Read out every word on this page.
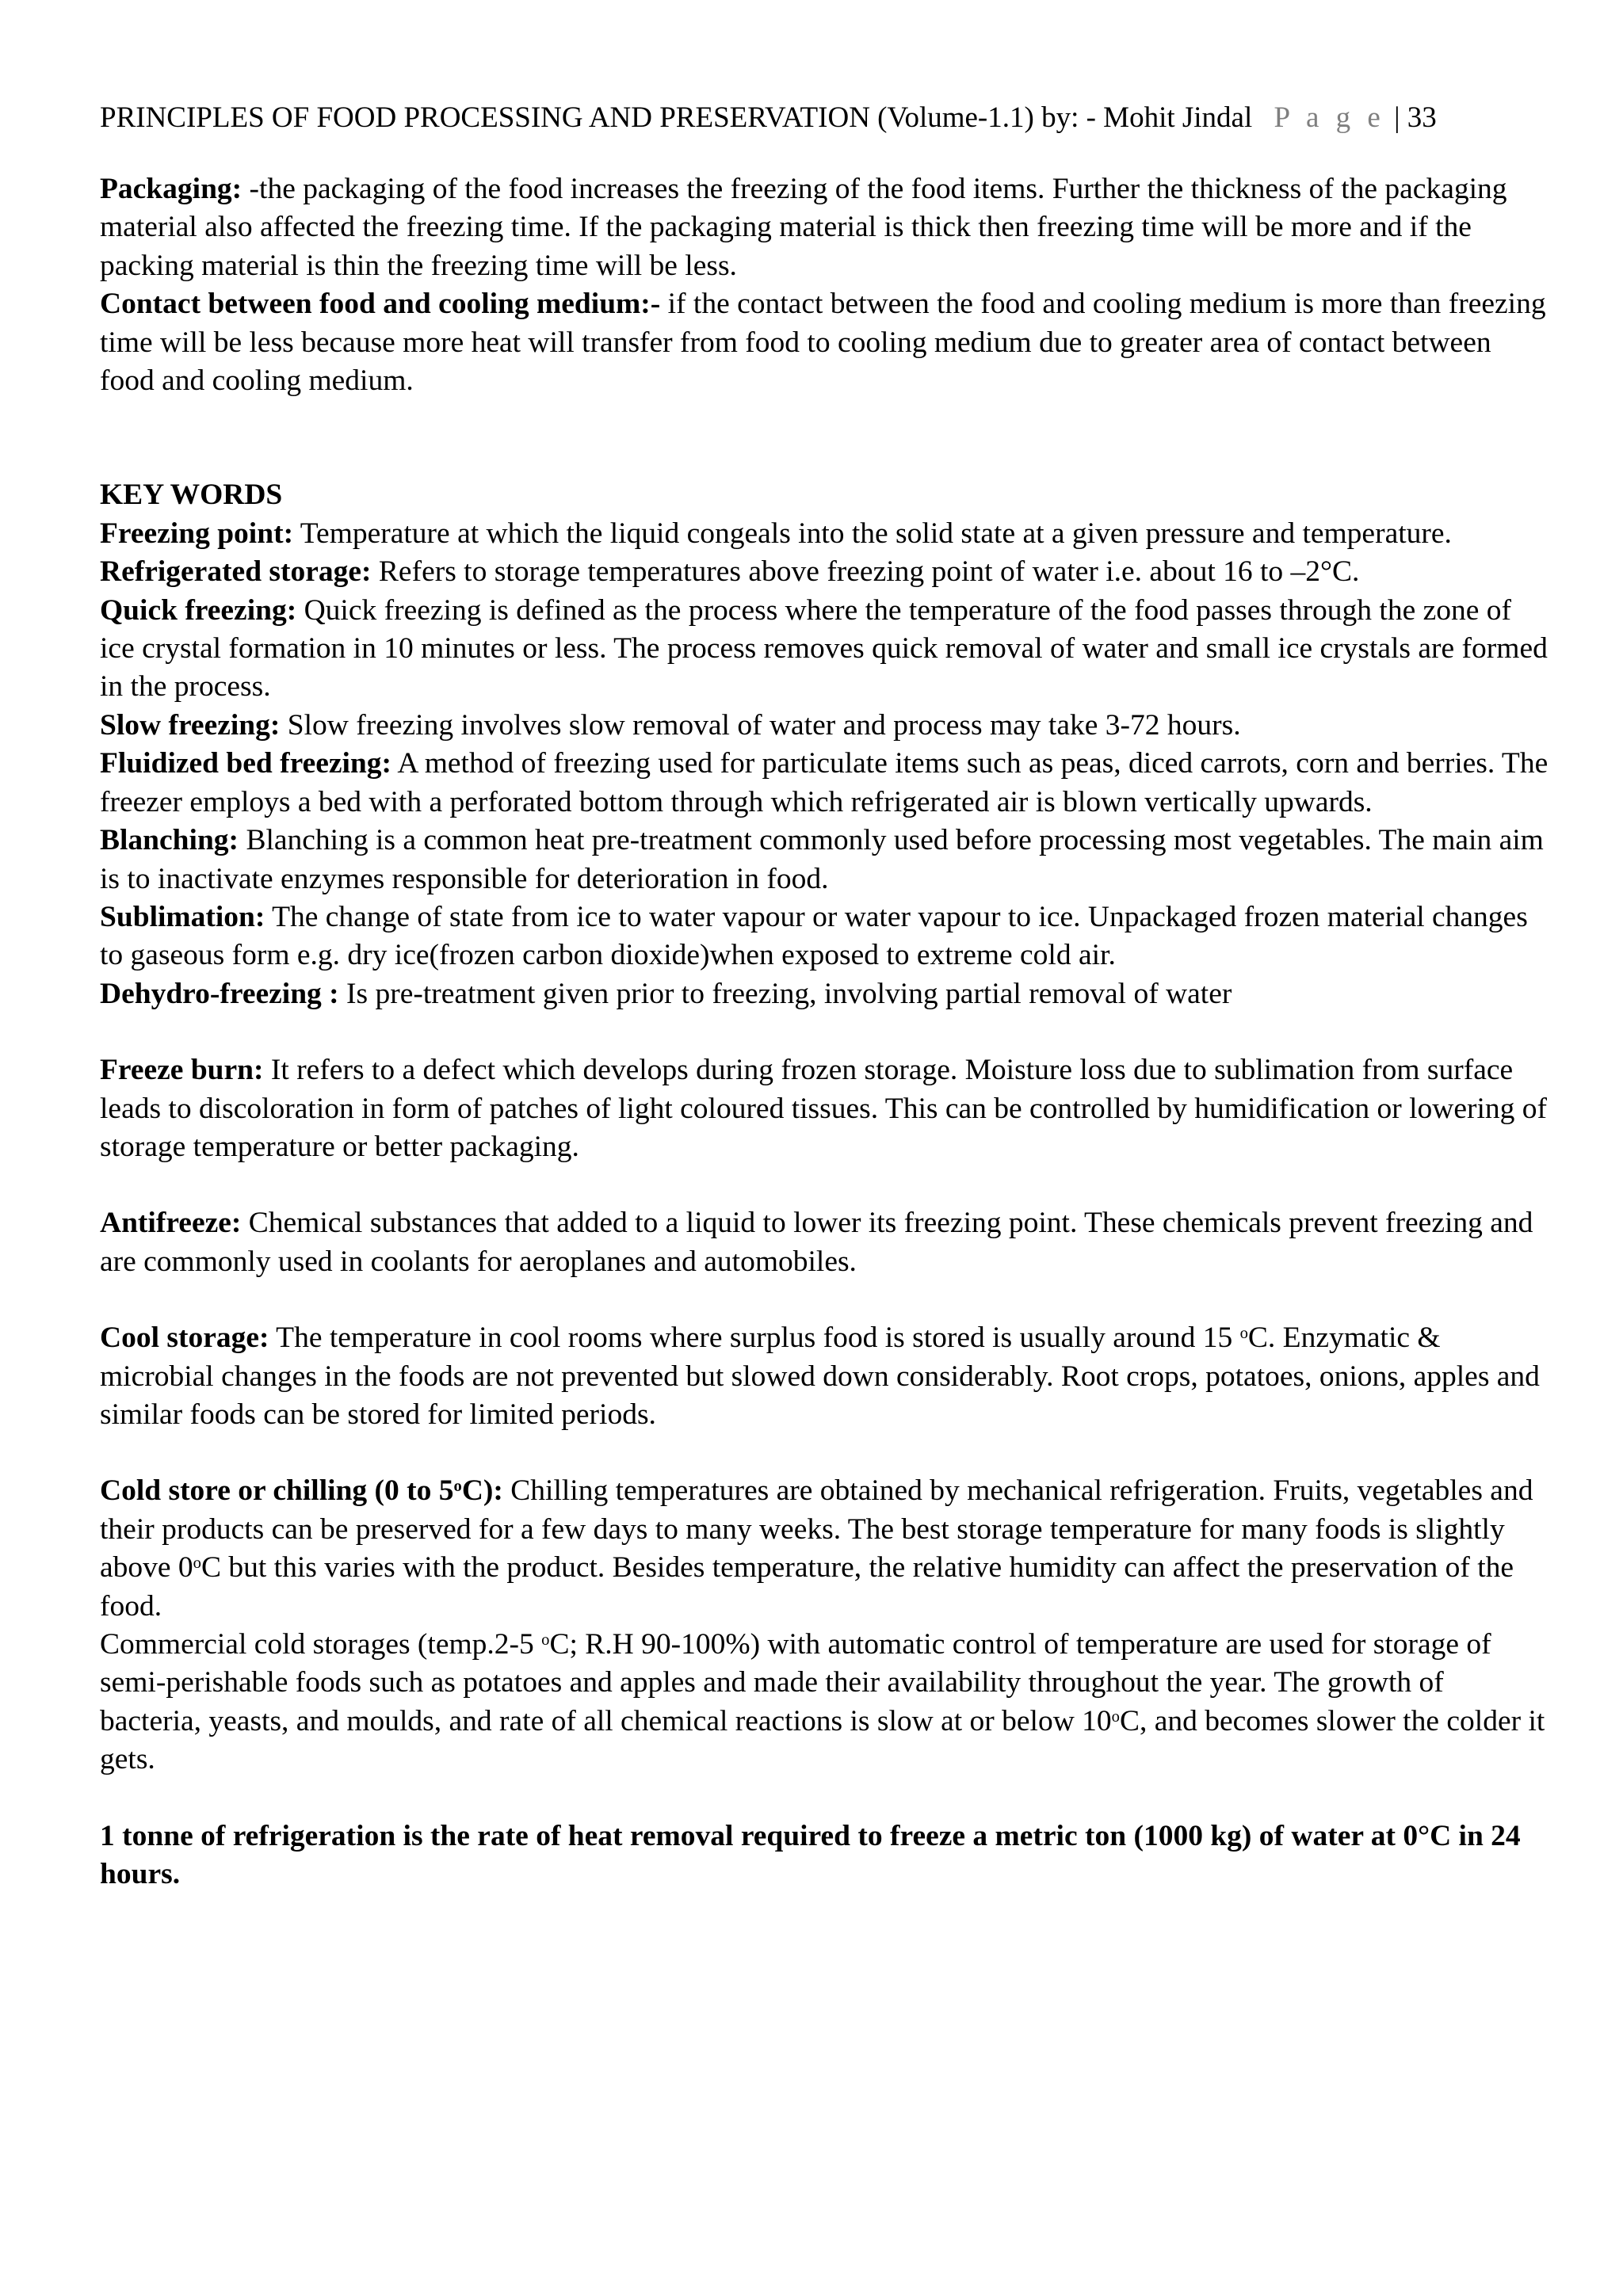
PRINCIPLES OF FOOD PROCESSING AND PRESERVATION (Volume-1.1) by: - Mohit Jindal P a g e | 33

Packaging: -the packaging of the food increases the freezing of the food items. Further the thickness of the packaging material also affected the freezing time. If the packaging material is thick then freezing time will be more and if the packing material is thin the freezing time will be less.

Contact between food and cooling medium:- if the contact between the food and cooling medium is more than freezing time will be less because more heat will transfer from food to cooling medium due to greater area of contact between food and cooling medium.

KEY WORDS

Freezing point: Temperature at which the liquid congeals into the solid state at a given pressure and temperature.

Refrigerated storage: Refers to storage temperatures above freezing point of water i.e. about 16 to –2°C.

Quick freezing: Quick freezing is defined as the process where the temperature of the food passes through the zone of ice crystal formation in 10 minutes or less. The process removes quick removal of water and small ice crystals are formed in the process.

Slow freezing: Slow freezing involves slow removal of water and process may take 3-72 hours.

Fluidized bed freezing: A method of freezing used for particulate items such as peas, diced carrots, corn and berries. The freezer employs a bed with a perforated bottom through which refrigerated air is blown vertically upwards.

Blanching: Blanching is a common heat pre-treatment commonly used before processing most vegetables. The main aim is to inactivate enzymes responsible for deterioration in food.

Sublimation: The change of state from ice to water vapour or water vapour to ice. Unpackaged frozen material changes to gaseous form e.g. dry ice(frozen carbon dioxide)when exposed to extreme cold air.

Dehydro-freezing : Is pre-treatment given prior to freezing, involving partial removal of water

Freeze burn: It refers to a defect which develops during frozen storage. Moisture loss due to sublimation from surface leads to discoloration in form of patches of light coloured tissues. This can be controlled by humidification or lowering of storage temperature or better packaging.

Antifreeze: Chemical substances that added to a liquid to lower its freezing point. These chemicals prevent freezing and are commonly used in coolants for aeroplanes and automobiles.

Cool storage: The temperature in cool rooms where surplus food is stored is usually around 15 $^o$C. Enzymatic & microbial changes in the foods are not prevented but slowed down considerably. Root crops, potatoes, onions, apples and similar foods can be stored for limited periods.

Cold store or chilling (0 to 5$^o$C): Chilling temperatures are obtained by mechanical refrigeration. Fruits, vegetables and their products can be preserved for a few days to many weeks. The best storage temperature for many foods is slightly above 0$^o$C but this varies with the product. Besides temperature, the relative humidity can affect the preservation of the food.

Commercial cold storages (temp.2-5 $^o$C; R.H 90-100%) with automatic control of temperature are used for storage of semi-perishable foods such as potatoes and apples and made their availability throughout the year. The growth of bacteria, yeasts, and moulds, and rate of all chemical reactions is slow at or below 10$^o$C, and becomes slower the colder it gets.

1 tonne of refrigeration is the rate of heat removal required to freeze a metric ton (1000 kg) of water at 0°C in 24 hours.
